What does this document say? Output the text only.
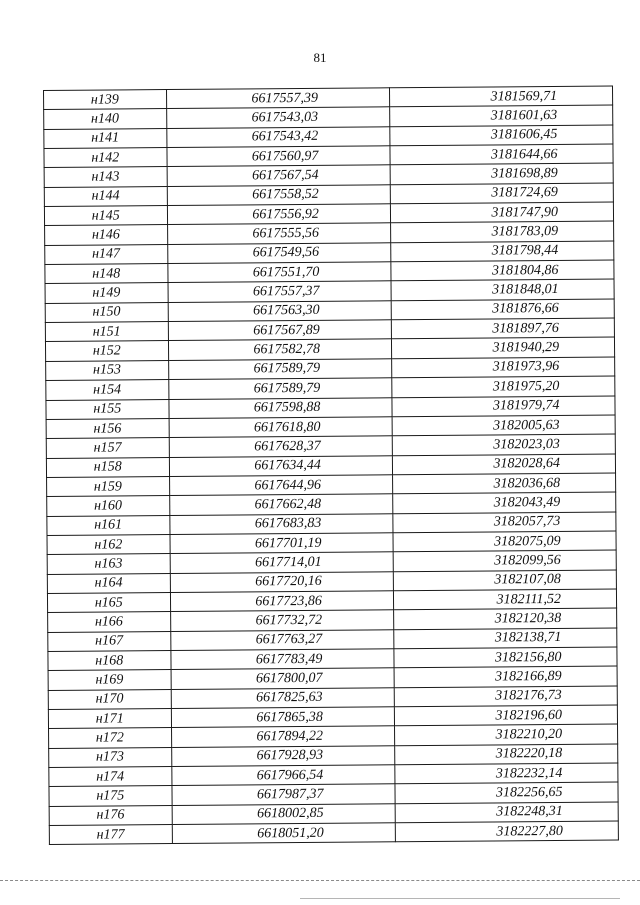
81
н139	6617557,39	3181569,71
н140	6617543,03	3181601,63
н141	6617543,42	3181606,45
н142	6617560,97	3181644,66
н143	6617567,54	3181698,89
н144	6617558,52	3181724,69
н145	6617556,92	3181747,90
н146	6617555,56	3181783,09
н147	6617549,56	3181798,44
н148	6617551,70	3181804,86
н149	6617557,37	3181848,01
н150	6617563,30	3181876,66
н151	6617567,89	3181897,76
н152	6617582,78	3181940,29
н153	6617589,79	3181973,96
н154	6617589,79	3181975,20
н155	6617598,88	3181979,74
н156	6617618,80	3182005,63
н157	6617628,37	3182023,03
н158	6617634,44	3182028,64
н159	6617644,96	3182036,68
н160	6617662,48	3182043,49
н161	6617683,83	3182057,73
н162	6617701,19	3182075,09
н163	6617714,01	3182099,56
н164	6617720,16	3182107,08
н165	6617723,86	3182111,52
н166	6617732,72	3182120,38
н167	6617763,27	3182138,71
н168	6617783,49	3182156,80
н169	6617800,07	3182166,89
н170	6617825,63	3182176,73
н171	6617865,38	3182196,60
н172	6617894,22	3182210,20
н173	6617928,93	3182220,18
н174	6617966,54	3182232,14
н175	6617987,37	3182256,65
н176	6618002,85	3182248,31
н177	6618051,20	3182227,80
